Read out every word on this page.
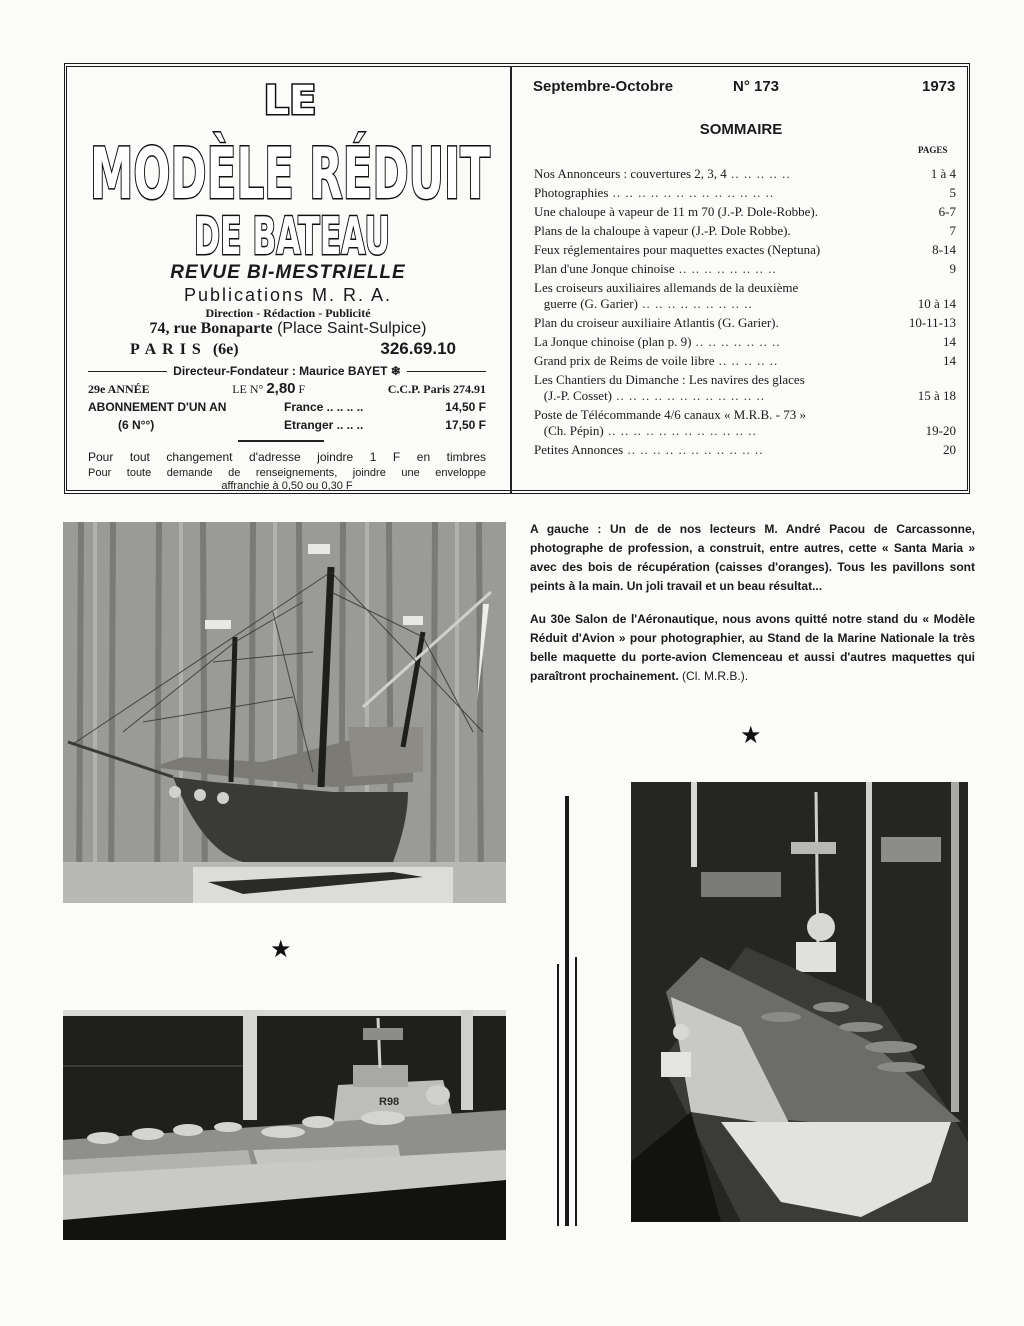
LE
MODÈLE RÉDUIT
DE BATEAU
REVUE BI-MESTRIELLE
Publications M. R. A.
Direction - Rédaction - Publicité
74, rue Bonaparte (Place Saint-Sulpice)
PARIS (6e)	326.69.10
Directeur-Fondateur : Maurice BAYET ❄
29e ANNÉE	LE N° 2,80 F	C.C.P. Paris 274.91
ABONNEMENT D'UN AN	France .. .. .. ..	14,50 F
(6 N°°)	Etranger .. .. ..	17,50 F
Pour tout changement d'adresse joindre 1 F en timbres
Pour toute demande de renseignements, joindre une enveloppe
affranchie à 0,50 ou 0,30 F
Septembre-Octobre	N° 173	1973
SOMMAIRE
PAGES
Nos Annonceurs : couvertures 2, 3, 4 .. .. .. .. ..	1 à 4
Photographies .. .. .. .. .. .. .. .. .. .. .. .. ..	5
Une chaloupe à vapeur de 11 m 70 (J.-P. Dole-Robbe).	6-7
Plans de la chaloupe à vapeur (J.-P. Dole Robbe).	7
Feux réglementaires pour maquettes exactes (Neptuna)	8-14
Plan d'une Jonque chinoise .. .. .. .. .. .. .. ..	9
Les croiseurs auxiliaires allemands de la deuxième
guerre (G. Garier) .. .. .. .. .. .. .. .. ..	10 à 14
Plan du croiseur auxiliaire Atlantis (G. Garier).	10-11-13
La Jonque chinoise (plan p. 9) .. .. .. .. .. .. ..	14
Grand prix de Reims de voile libre .. .. .. .. ..	14
Les Chantiers du Dimanche : Les navires des glaces
(J.-P. Cosset) .. .. .. .. .. .. .. .. .. .. .. ..	15 à 18
Poste de Télécommande 4/6 canaux « M.R.B. - 73 »
(Ch. Pépin) .. .. .. .. .. .. .. .. .. .. .. ..	19-20
Petites Annonces .. .. .. .. .. .. .. .. .. .. ..	20
A gauche : Un de de nos lecteurs M. André Pacou de Carcassonne, photographe de profession, a construit, entre autres, cette « Santa Maria » avec des bois de récupération (caisses d'oranges). Tous les pavillons sont peints à la main. Un joli travail et un beau résultat...
Au 30e Salon de l'Aéronautique, nous avons quitté notre stand du « Modèle Réduit d'Avion » pour photographier, au Stand de la Marine Nationale la très belle maquette du porte-avion Clemenceau et aussi d'autres maquettes qui paraîtront prochainement. (Cl. M.R.B.).
★
★
R98
